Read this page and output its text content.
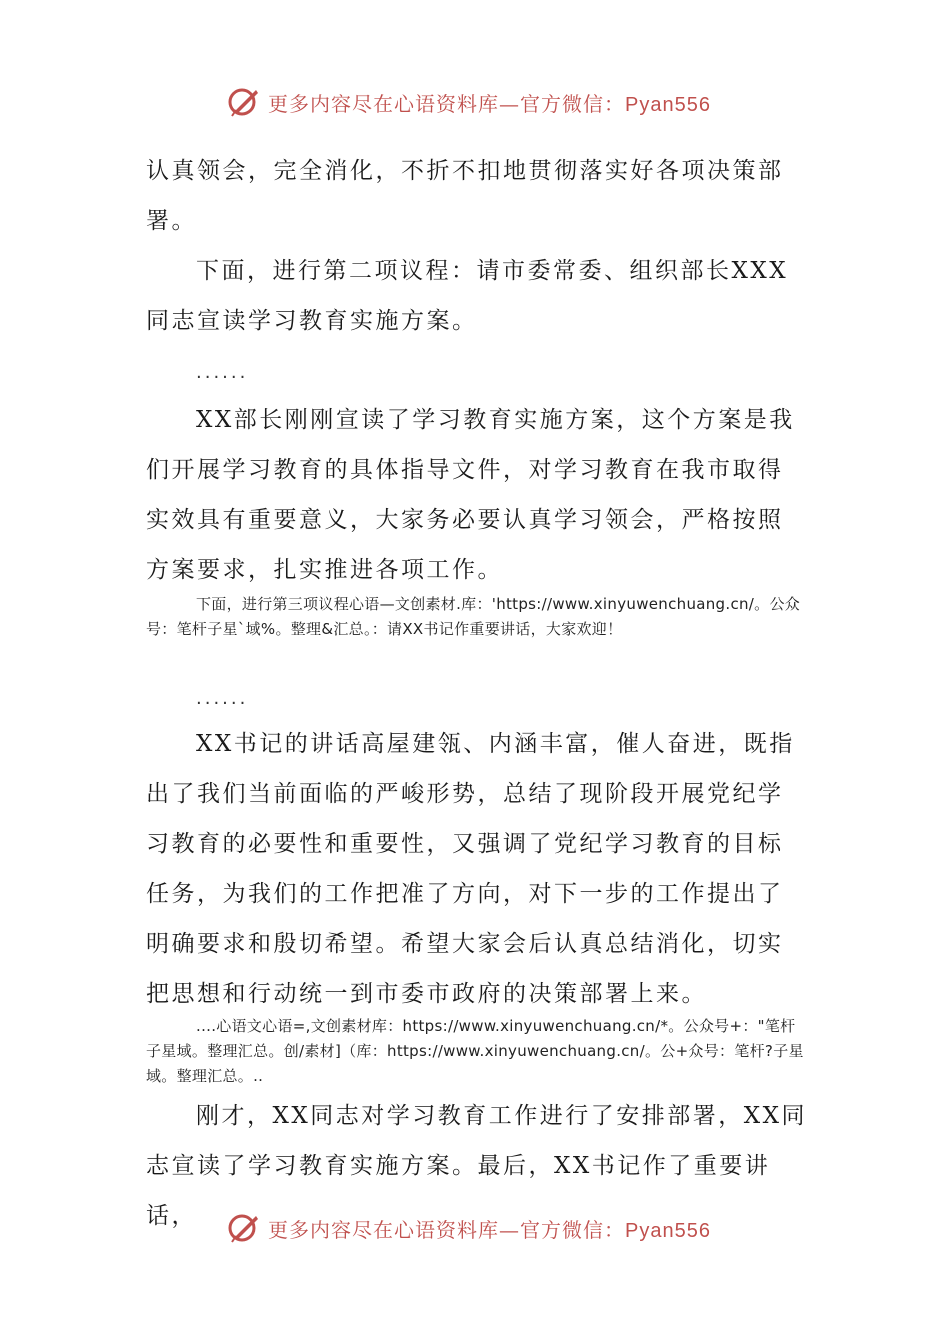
更多内容尽在心语资料库—官方微信：Pyan556

认真领会，完全消化，不折不扣地贯彻落实好各项决策部署。

下面，进行第二项议程：请市委常委、组织部长XXX同志宣读学习教育实施方案。

......

XX部长刚刚宣读了学习教育实施方案，这个方案是我们开展学习教育的具体指导文件，对学习教育在我市取得实效具有重要意义，大家务必要认真学习领会，严格按照方案要求，扎实推进各项工作。

下面，进行第三项议程心语—文创素材.库：'https://www.xinyuwenchuang.cn/。公众号：笔杆子星`域%。整理&汇总。：请XX书记作重要讲话，大家欢迎！

......

XX书记的讲话高屋建瓴、内涵丰富，催人奋进，既指出了我们当前面临的严峻形势，总结了现阶段开展党纪学习教育的必要性和重要性，又强调了党纪学习教育的目标任务，为我们的工作把准了方向，对下一步的工作提出了明确要求和殷切希望。希望大家会后认真总结消化，切实把思想和行动统一到市委市政府的决策部署上来。

....心语文心语=,文创素材库：https://www.xinyuwenchuang.cn/*。公众号+："笔杆子星域。整理汇总。创/素材]（库：https://www.xinyuwenchuang.cn/。公+众号：笔杆?子星域。整理汇总。..

刚才，XX同志对学习教育工作进行了安排部署，XX同志宣读了学习教育实施方案。最后，XX书记作了重要讲话，

更多内容尽在心语资料库—官方微信：Pyan556
